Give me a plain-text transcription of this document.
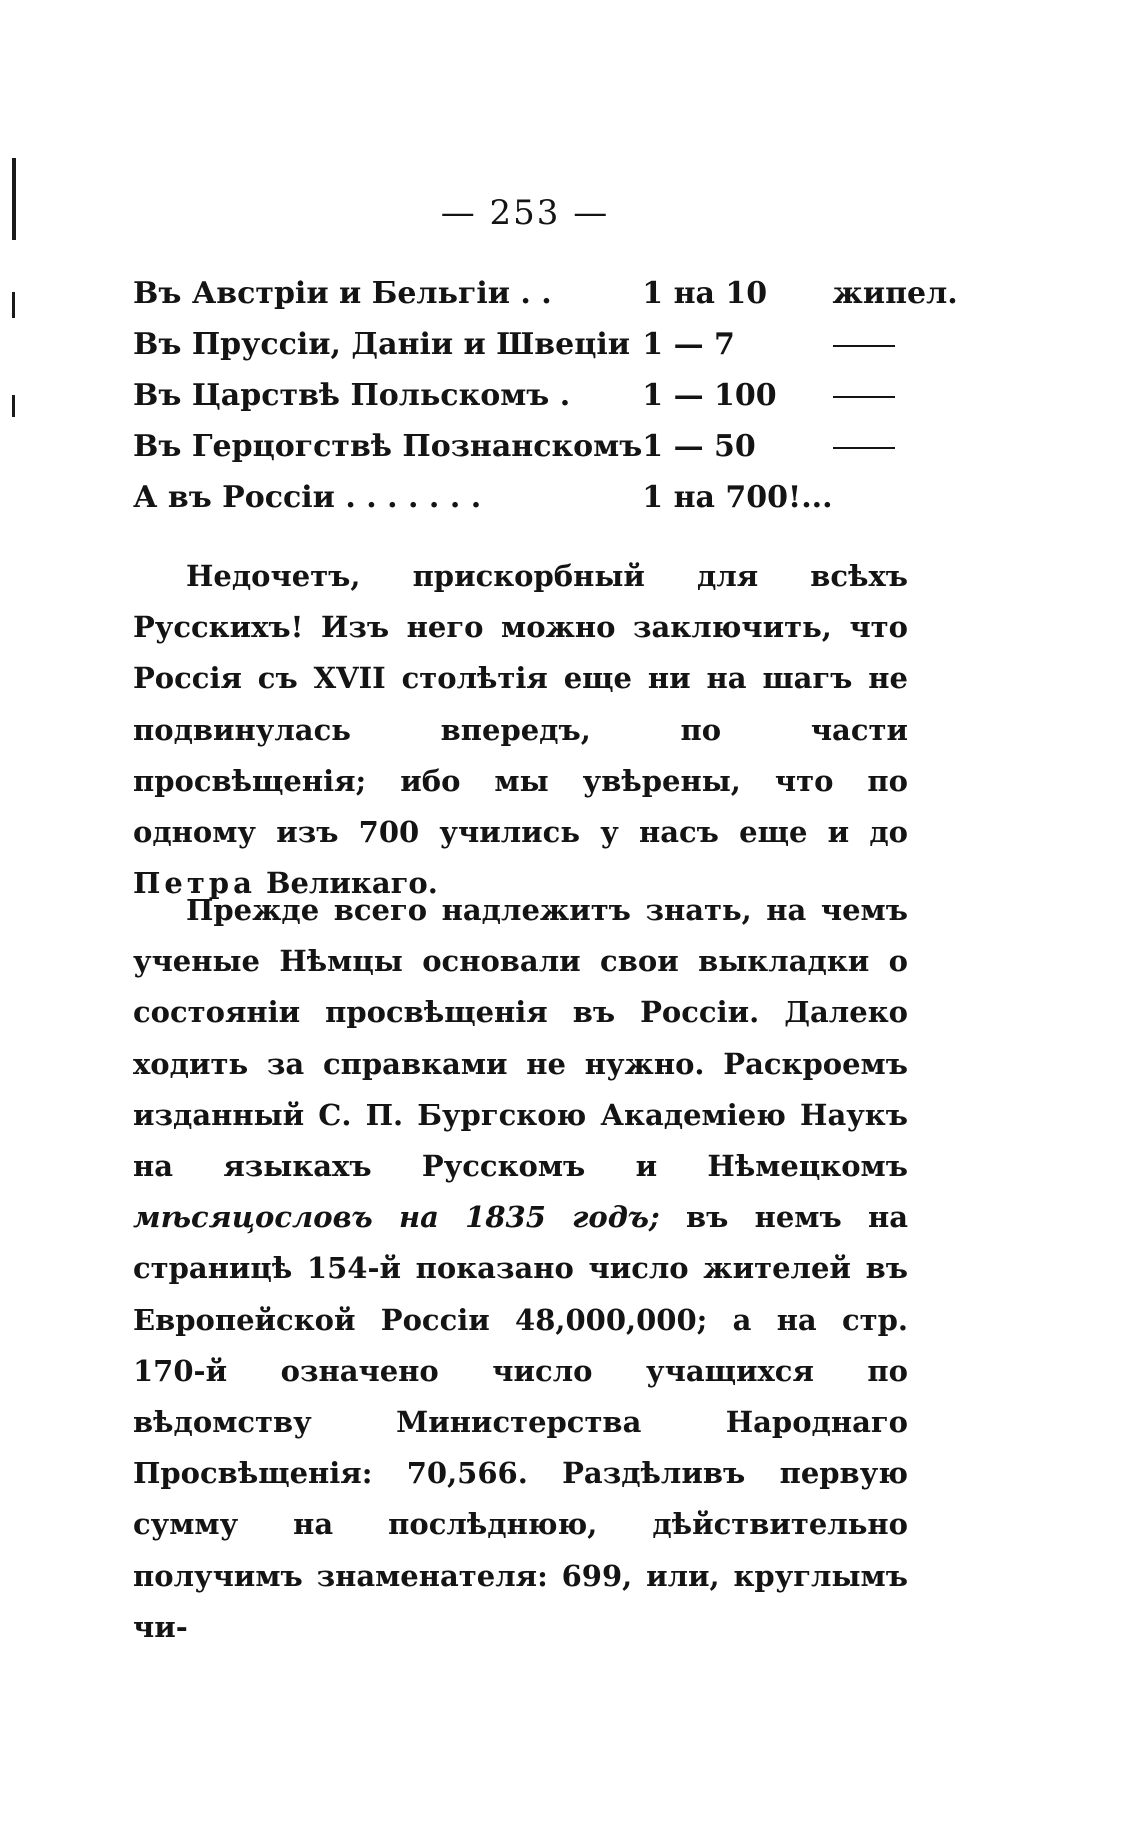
— 253 —
Въ Австріи и Бельгіи . .	1 на 10	жипел.
Въ Пруссіи, Даніи и Швеціи	1 — 7	
Въ Царствѣ Польскомъ .	1 — 100	
Въ Герцогствѣ Познанскомъ	1 — 50	
А въ Россіи . . . . . . .	1 на 700!...	

Недочетъ, прискорбный для всѣхъ Русскихъ! Изъ него можно заключить, что Россія съ XVII столѣтія еще ни на шагъ не подвинулась впередъ, по части просвѣщенія; ибо мы увѣрены, что по одному изъ 700 учились у насъ еще и до Петра Великаго.

Прежде всего надлежитъ знать, на чемъ ученые Нѣмцы основали свои выкладки о состояніи просвѣщенія въ Россіи. Далеко ходить за справками не нужно. Раскроемъ изданный С. П. Бургскою Академіею Наукъ на языкахъ Русскомъ и Нѣмецкомъ мѣсяцословъ на 1835 годъ; въ немъ на страницѣ 154-й показано число жителей въ Европейской Россіи 48,000,000; а на стр. 170-й означено число учащихся по вѣдомству Министерства Народнаго Просвѣщенія: 70,566. Раздѣливъ первую сумму на послѣднюю, дѣйствительно получимъ знаменателя: 699, или, круглымъ чи-
